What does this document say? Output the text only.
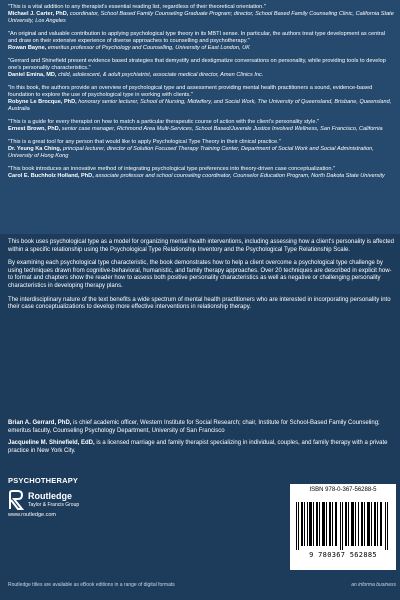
"This is a vital addition to any therapist's essential reading list, regardless of their theoretical orientation."
Michael J. Carter, PhD, coordinator, School Based Family Counseling Graduate Program; director, School Based Family Counseling Clinic, California State University, Los Angeles
"An original and valuable contribution to applying psychological type theory in its MBTI sense. In particular, the authors treat type development as central and draw on their extensive experience of diverse approaches to counselling and psychotherapy."
Rowan Bayne, emeritus professor of Psychology and Counselling, University of East London, UK
"Gerrard and Shinefield present evidence based strategies that demystify and destigmatize conversations on personality, while providing tools to develop one's personality characteristics."
Daniel Emina, MD, child, adolescent, & adult psychiatrist, associate medical director, Amen Clinics Inc.
"In this book, the authors provide an overview of psychological type and assessment providing mental health practitioners a sound, evidence-based foundation to explore the use of psychological type in working with clients."
Robyne Le Brocque, PhD, honorary senior lecturer, School of Nursing, Midwifery, and Social Work, The University of Queensland, Brisbane, Queensland, Australia
"This is a guide for every therapist on how to match a particular therapeutic course of action with the client's personality style."
Ernest Brown, PhD, senior case manager, Richmond Area Multi-Services, School Based/Juvenile Justice Involved Wellness, San Francisco, California
"This is a great tool for any person that would like to apply Psychological Type Theory in their clinical practice."
Dr. Yeung Ka Ching, principal lecturer, director of Solution Focused Therapy Training Center, Department of Social Work and Social Administration, University of Hong Kong
"This book introduces an innovative method of integrating psychological type preferences into theory-driven case conceptualization."
Carol E. Buchholz Holland, PhD, associate professor and school counseling coordinator, Counselor Education Program, North Dakota State University

This book uses psychological type as a model for organizing mental health interventions, including assessing how a client's personality is affected within a specific relationship using the Psychological Type Relationship Inventory and the Psychological Type Relationship Scale.

By examining each psychological type characteristic, the book demonstrates how to help a client overcome a psychological type challenge by using techniques drawn from cognitive-behavioral, humanistic, and family therapy approaches. Over 20 techniques are described in explicit how-to format and chapters show the reader how to assess both positive personality characteristics as well as negative or challenging personality characteristics in developing therapy plans.

The interdisciplinary nature of the text benefits a wide spectrum of mental health practitioners who are interested in incorporating personality into their case conceptualizations to develop more effective interventions in relationship therapy.

Brian A. Gerrard, PhD, is chief academic officer, Western Institute for Social Research; chair, Institute for School-Based Family Counseling; emeritus faculty, Counseling Psychology Department, University of San Francisco

Jacqueline M. Shinefield, EdD, is a licensed marriage and family therapist specializing in individual, couples, and family therapy with a private practice in New York City.

PSYCHOTHERAPY
Routledge
Taylor & Francis Group
www.routledge.com
ISBN 978-0-367-56288-5
9 780367 562885
Routledge titles are available as eBook editions in a range of digital formats	an informa business
